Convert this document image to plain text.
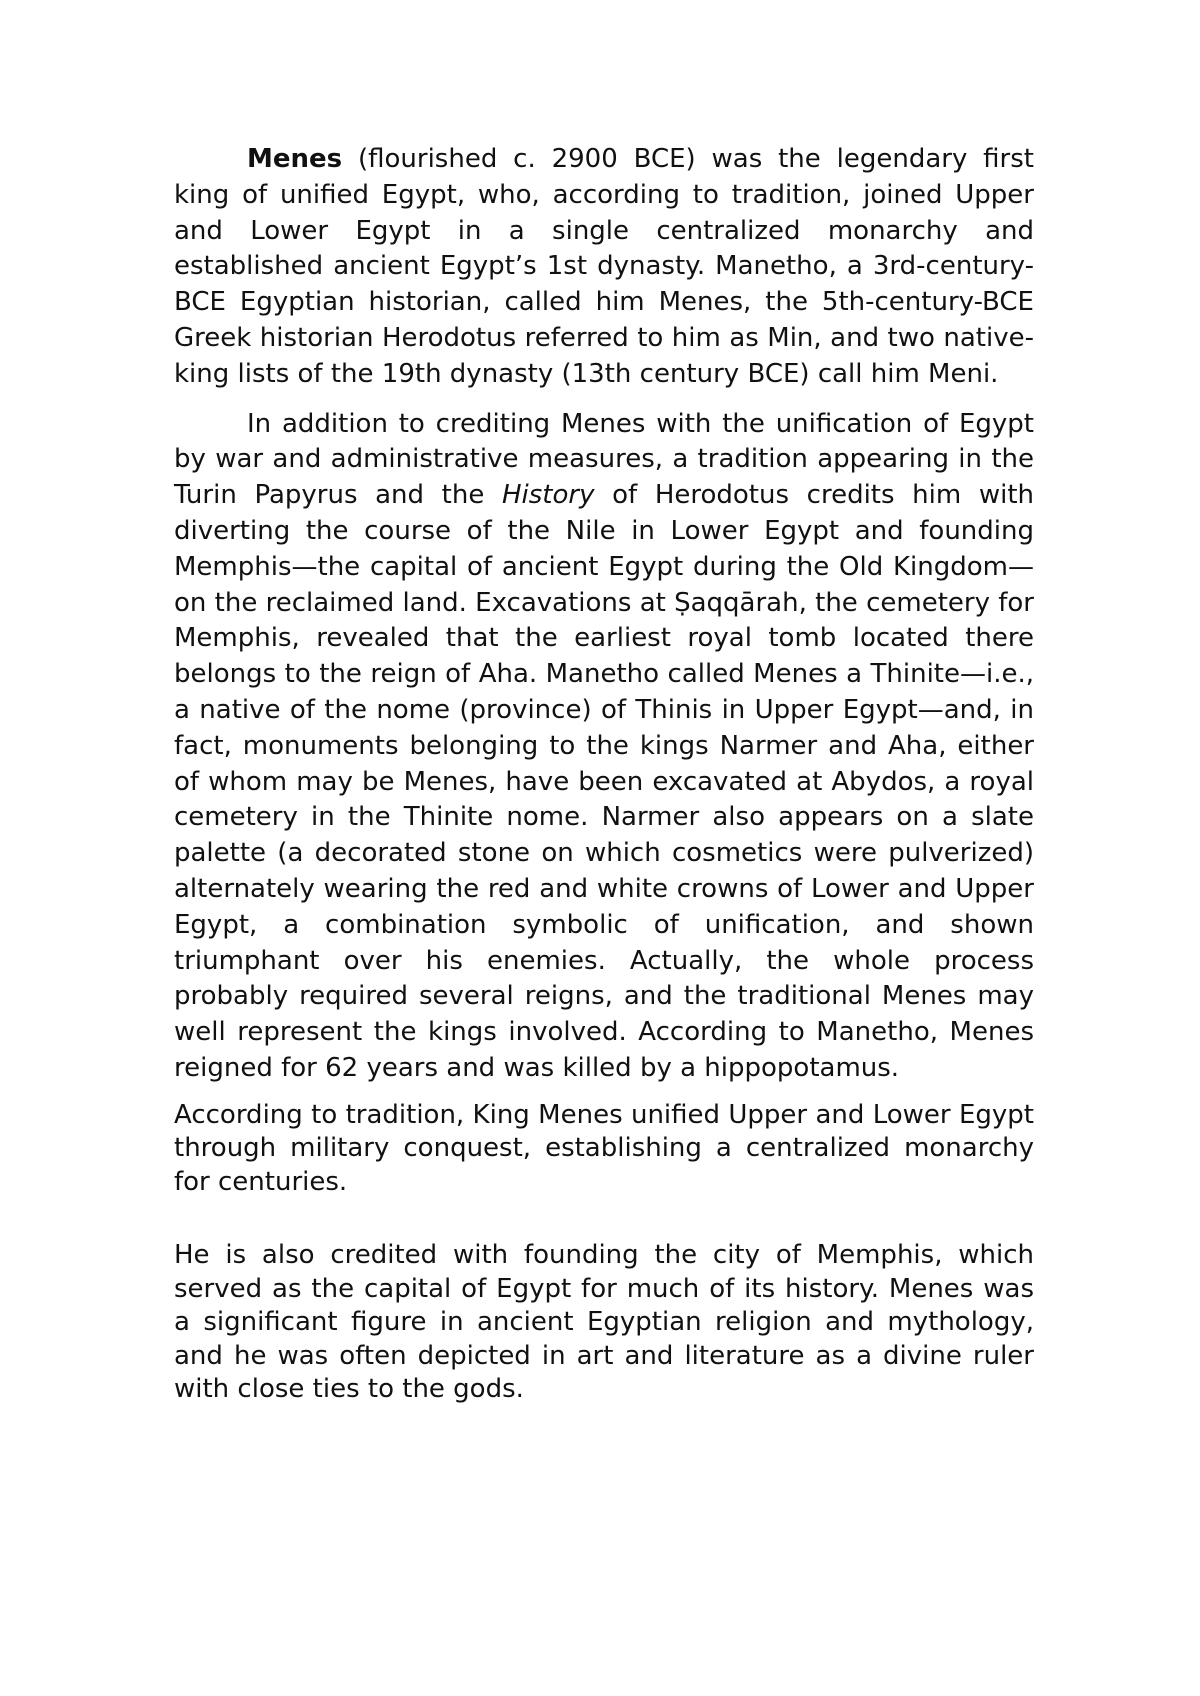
Menes (flourished c. 2900 BCE) was the legendary first king of unified Egypt, who, according to tradition, joined Upper and Lower Egypt in a single centralized monarchy and established ancient Egypt’s 1st dynasty. Manetho, a 3rd-century-BCE Egyptian historian, called him Menes, the 5th-century-BCE Greek historian Herodotus referred to him as Min, and two native-king lists of the 19th dynasty (13th century BCE) call him Meni.

In addition to crediting Menes with the unification of Egypt by war and administrative measures, a tradition appearing in the Turin Papyrus and the History of Herodotus credits him with diverting the course of the Nile in Lower Egypt and founding Memphis—the capital of ancient Egypt during the Old Kingdom—on the reclaimed land. Excavations at Ṣaqqārah, the cemetery for Memphis, revealed that the earliest royal tomb located there belongs to the reign of Aha. Manetho called Menes a Thinite—i.e., a native of the nome (province) of Thinis in Upper Egypt—and, in fact, monuments belonging to the kings Narmer and Aha, either of whom may be Menes, have been excavated at Abydos, a royal cemetery in the Thinite nome. Narmer also appears on a slate palette (a decorated stone on which cosmetics were pulverized) alternately wearing the red and white crowns of Lower and Upper Egypt, a combination symbolic of unification, and shown triumphant over his enemies. Actually, the whole process probably required several reigns, and the traditional Menes may well represent the kings involved. According to Manetho, Menes reigned for 62 years and was killed by a hippopotamus.

According to tradition, King Menes unified Upper and Lower Egypt through military conquest, establishing a centralized monarchy for centuries.

He is also credited with founding the city of Memphis, which served as the capital of Egypt for much of its history. Menes was a significant figure in ancient Egyptian religion and mythology, and he was often depicted in art and literature as a divine ruler with close ties to the gods.
